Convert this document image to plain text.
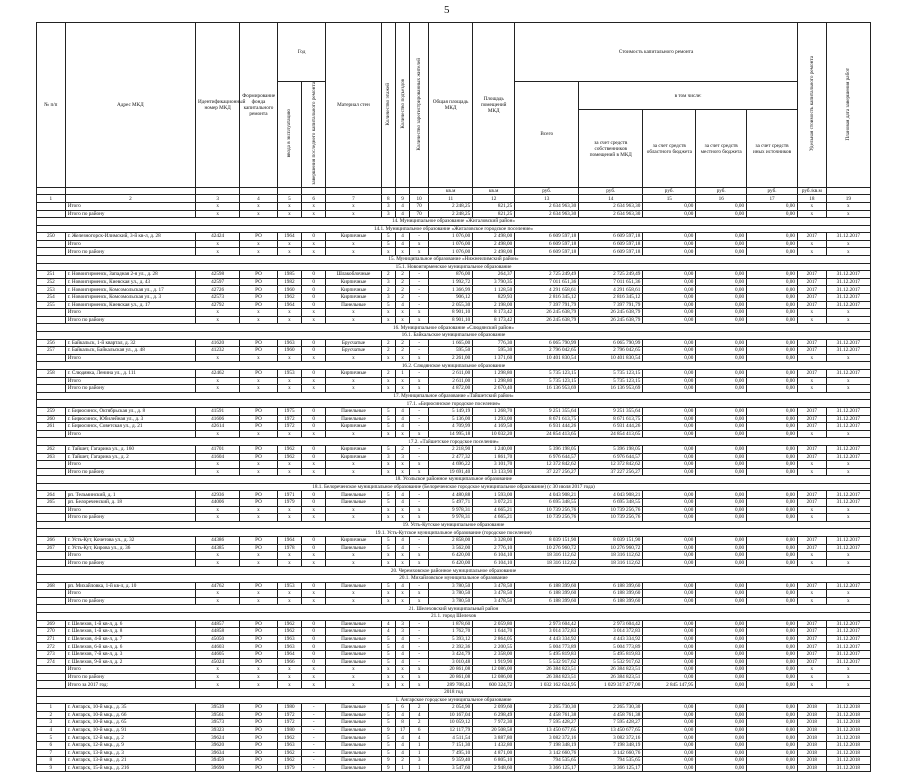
5
№ п/п	Адрес МКД	Идентификационный номер МКД	Формирование фонда капитального ремонта	Год		Материал стен	Количество этажей	Количество подъездов	Количество зарегистрированных жителей	Общая площадь МКД	Площадь помещений МКД	Стоимость капитального ремонта					Удельная стоимость капитального ремонта	Плановая дата завершения работ
				ввода в эксплуатацию	завершения последнего капитального ремонта							Всего	в том числе:					
													за счет средств собственников помещений в МКД	за счет средств областного бюджета	за счет средств местного бюджета	за счет средств иных источников		
										кв.м	кв.м	руб.	руб.	руб.	руб.	руб.	руб./кв.м	
1	2	3	4	5	6	7	8	9	10	11	12	13	14	15	16	17	18	19
	Итого	x	x	x	x	x	3	4	70	2 248,25	821,25	2 634 963,30	2 634 963,30	0,00	0,00	0,00	x	x
	Итого по району	x	x	x	x	x	3	4	70	2 248,25	821,25	2 634 963,30	2 634 963,30	0,00	0,00	0,00	x	x
14. Муниципальное образование «Жигаловский район»																		
14.1. Муниципальное образование «Жигаловское городское поселение»																		
250	г. Железногорск-Илимский, 3-й кв-л, д. 28	42424	РО	1964	0	Кирпичные	5	4	-	1 076,00	2 498,00	6 609 597,18	6 609 597,18	0,00	0,00	0,00	2017	31.12.2017
	Итого	x	x	x	x	x	5	4	x	1 076,00	2 498,00	6 609 597,18	6 609 597,18	0,00	0,00	0,00	x	x
	Итого по району	x	x	x	x	x	x	x	x	1 076,00	2 498,00	6 609 597,18	6 609 597,18	0,00	0,00	0,00	x	x
15. Муниципальное образование «Нижнеилимский район»																		
15.1. Новоигирменское муниципальное образование																		
251	г. Новоигирменск, Западная 2-я ул., д. 28	42598	РО	1985	0	Шлакоблочные	2	2	-	876,00	264,37	2 725 249,49	2 725 249,49	0,00	0,00	0,00	2017	31.12.2017
252	г. Новоигирменск, Киевская ул., д. 43	42597	РО	1982	0	Кирпичные	3	2	-	1 992,72	3 790,35	7 011 651,36	7 011 651,36	0,00	0,00	0,00	2017	31.12.2017
253	г. Новоигирменск, Комсомольская ул., д. 17	42726	РО	1960	0	Кирпичные	2	2	-	1 366,99	1 128,50	4 291 658,61	4 291 658,61	0,00	0,00	0,00	2017	31.12.2017
254	г. Новоигирменск, Комсомольская ул., д. 3	42573	РО	1962	0	Кирпичные	3	2	-	906,12	829,93	2 816 345,12	2 816 345,12	0,00	0,00	0,00	2017	31.12.2017
255	г. Новоигирменск, Киевская ул., д. 17	42792	РО	1964	0	Панельные	5	4	-	2 055,30	2 198,00	7 397 791,79	7 397 791,79	0,00	0,00	0,00	2017	31.12.2017
	Итого	x	x	x	x	x	x	x	x	8 901,10	8 173,42	26 245 638,79	26 245 638,79	0,00	0,00	0,00	x	x
	Итого по району	x	x	x	x	x	x	x	x	8 901,10	8 173,42	26 245 638,79	26 245 638,79	0,00	0,00	0,00	x	x
16. Муниципальное образование «Слюдянский район»																		
16.1. Байкальское муниципальное образование																		
256	г. Байкальск, 1-й квартал, д. 32	41620	РО	1963	0	Брусчатые	2	2	-	1 665,00	776,30	6 065 790,99	6 065 790,99	0,00	0,00	0,00	2017	31.12.2017
257	г. Байкальск, Байкальская ул., д. 48	41232	РО	1960	0	Брусчатые	2	2	-	595,50	595,30	2 796 042,65	2 796 042,65	0,00	0,00	0,00	2017	31.12.2017
	Итого	x	x	x	x	x	x	x	x	2 261,00	1 371,60	10 401 830,54	10 401 830,54	0,00	0,00	0,00	x	x
16.2. Слюдянское муниципальное образование																		
258	г. Слюдянка, Ленина ул., д. 111	42462	РО	1953	0	Кирпичные	2	1	-	2 611,00	1 298,80	5 735 123,15	5 735 123,15	0,00	0,00	0,00	2017	31.12.2017
	Итого	x	x	x	x	x	x	x	x	2 611,00	1 298,80	5 735 123,15	5 735 123,15	0,00	0,00	0,00	x	x
	Итого по району	x	x	x	x	x	x	x	x	4 872,00	2 670,40	16 136 953,69	16 136 953,69	0,00	0,00	0,00	x	x
17. Муниципальное образование «Тайшетский район»																		
17.1. «Бирюсинское городское поселение»																		
259	г. Бирюсинск, Октябрьская ул., д. 8	41591	РО	1975	0	Панельные	5	4	-	5 149,19	1 268,70	9 251 355,64	9 251 355,64	0,00	0,00	0,00	2017	31.12.2017
260	г. Бирюсинск, Юбилейная ул., д. 3	41606	РО	1972	0	Панельные	5	4	-	5 136,00	1 293,00	8 671 613,75	8 671 613,75	0,00	0,00	0,00	2017	31.12.2017
261	г. Бирюсинск, Советская ул., д. 21	42614	РО	1972	0	Кирпичные	5	4	-	4 709,99	4 169,50	6 931 444,26	6 931 444,26	0,00	0,00	0,00	2017	31.12.2017
	Итого	x	x	x	x	x	x	x	x	14 995,18	10 032,20	24 854 413,65	24 854 413,65	0,00	0,00	0,00	x	x
17.2. «Тайшетское городское поселение»																		
262	г. Тайшет, Гагарина ул., д. 160	41701	РО	1962	0	Кирпичные	5	2	-	2 218,90	1 240,00	5 396 198,05	5 396 198,05	0,00	0,00	0,00	2017	31.12.2017
263	г. Тайшет, Гагарина ул., д. 2	41604	РО	1962	0	Кирпичные	3	3	-	2 477,32	1 861,70	6 976 644,57	6 976 644,57	0,00	0,00	0,00	2017	31.12.2017
	Итого	x	x	x	x	x	x	x	x	4 696,22	3 101,70	12 372 842,62	12 372 842,62	0,00	0,00	0,00	x	x
	Итого по району	x	x	x	x	x	x	x	x	19 691,40	13 133,90	37 227 256,27	37 227 256,27	0,00	0,00	0,00	x	x
18. Усольское районное муниципальное образование																		
18.1. Белореченское муниципальное образование (Белореченское городское муниципальное образование) (с 30 июля 2017 года)																		
264	рп. Тельминский, д. 1	42936	РО	1971	0	Панельные	5	4	-	4 480,88	1 593,00	4 043 908,21	4 043 908,21	0,00	0,00	0,00	2017	31.12.2017
265	рп. Белореченский, д. 18	44006	РО	1979	0	Панельные	5	4	-	5 497,71	3 072,21	6 695 348,55	6 695 348,55	0,00	0,00	0,00	2017	31.12.2017
	Итого	x	x	x	x	x	x	x	x	9 978,31	4 665,21	10 739 256,76	10 739 256,76	0,00	0,00	0,00	x	x
	Итого по району	x	x	x	x	x	x	x	x	9 978,31	4 665,21	10 739 256,76	10 739 256,76	0,00	0,00	0,00	x	x
19. Усть-Кутское муниципальное образование																		
19.1. Усть-Кутское муниципальное образование (городское поселение)																		
266	г. Усть-Кут, Кочетова ул., д. 32	44386	РО	1964	0	Кирпичные	5	4	-	2 858,00	3 328,00	8 039 151,90	8 039 151,90	0,00	0,00	0,00	2017	31.12.2017
267	г. Усть-Кут, Кирова ул., д. 36	44385	РО	1978	0	Панельные	5	4	-	3 562,00	2 776,10	10 276 960,72	10 276 960,72	0,00	0,00	0,00	2017	31.12.2017
	Итого	x	x	x	x	x	x	x	x	6 420,00	6 104,10	18 316 112,62	18 316 112,62	0,00	0,00	0,00	x	x
	Итого по району	x	x	x	x	x	x	x	x	6 420,00	6 104,10	18 316 112,62	18 316 112,62	0,00	0,00	0,00	x	x
20. Черемховское районное муниципальное образование																		
20.1. Михайловское муниципальное образование																		
268	рп. Михайловка, 1-й кв-л, д. 10	44762	РО	1953	0	Панельные	5	4	-	3 780,50	3 478,50	6 188 399,60	6 188 399,60	0,00	0,00	0,00	2017	31.12.2017
	Итого	x	x	x	x	x	x	x	x	3 780,50	3 478,50	6 188 399,60	6 188 399,60	0,00	0,00	0,00	x	x
	Итого по району	x	x	x	x	x	x	x	x	3 780,50	3 478,50	6 188 399,60	6 188 399,60	0,00	0,00	0,00	x	x
21. Шелеховский муниципальный район																		
21.1. город Шелехов																		
269	г. Шелехов, 1-й кв-л, д. 6	44857	РО	1962	0	Панельные	4	3	-	1 878,60	2 059,80	2 973 604,42	2 973 604,42	0,00	0,00	0,00	2017	31.12.2017
270	г. Шелехов, 1-й кв-л, д. 8	44858	РО	1962	0	Панельные	4	3	-	1 762,70	1 644,70	3 014 372,83	3 014 372,83	0,00	0,00	0,00	2017	31.12.2017
271	г. Шелехов, 4-й кв-л, д. 7	45050	РО	1963	0	Панельные	5	4	-	5 393,12	2 864,05	4 443 334,92	4 443 334,92	0,00	0,00	0,00	2017	31.12.2017
272	г. Шелехов, 6-й кв-л, д. 6	44603	РО	1963	0	Панельные	5	4	-	2 392,36	2 200,55	5 004 773,89	5 004 773,89	0,00	0,00	0,00	2017	31.12.2017
273	г. Шелехов, 7-й кв-л, д. 3	44605	РО	1964	0	Панельные	5	4	-	3 424,79	2 358,00	5 495 819,83	5 495 819,83	0,00	0,00	0,00	2017	31.12.2017
274	г. Шелехов, 9-й кв-л, д. 2	45024	РО	1966	0	Панельные	5	4	-	3 010,48	1 919,90	5 532 917,62	5 532 917,62	0,00	0,00	0,00	2017	31.12.2017
	Итого	x	x	x	x	x	x	x	x	20 861,08	12 086,00	26 384 823,51	26 384 823,51	0,00	0,00	0,00	x	x
	Итого по району	x	x	x	x	x	x	x	x	20 861,08	12 086,00	26 384 823,51	26 384 823,51	0,00	0,00	0,00	x	x
	Итого за 2017 год:	x	x	x	x	x	x	x	x	289 708,43	600 324,72	1 032 162 624,95	1 029 317 477,00	2 845 147,95	0,00	0,00	x	x
2018 год																		
1. Ангарское городское муниципальное образование																		
1	г. Ангарск, 10-й мкр., д. 35	39539	РО	1980	-	Панельные	5	6	2	2 054,90	2 099,60	2 265 730,30	2 265 730,30	0,00	0,00	0,00	2018	31.12.2018
2	г. Ангарск, 10-й мкр., д. 66	39561	РО	1972	-	Панельные	5	4	4	10 167,04	6 298,49	4 458 761,38	4 458 761,38	0,00	0,00	0,00	2018	31.12.2018
3	г. Ангарск, 10-й мкр., д. 65	39573	РО	1972	-	Панельные	5	8	2	10 059,12	7 972,30	7 595 428,27	7 595 428,27	0,00	0,00	0,00	2018	31.12.2018
4	г. Ангарск, 10-й мкр., д. 91	39323	РО	1980	-	Панельные	9	17	6	12 117,79	20 508,58	13 450 677,65	13 450 677,65	0,00	0,00	0,00	2018	31.12.2018
5	г. Ангарск, 12-й мкр., д. 2	39624	РО	1962	-	Панельные	5	4	4	4 511,54	3 887,80	3 082 372,16	3 082 372,16	0,00	0,00	0,00	2018	31.12.2018
6	г. Ангарск, 12-й мкр., д. 9	39620	РО	1963	-	Панельные	5	4	1	7 151,30	1 432,80	7 198 348,19	7 198 348,19	0,00	0,00	0,00	2018	31.12.2018
7	г. Ангарск, 13-й мкр., д. 3	39634	РО	1962	-	Панельные	5	4	1	7 495,10	4 871,00	3 142 660,76	3 142 660,76	0,00	0,00	0,00	2018	31.12.2018
8	г. Ангарск, 13-й мкр., д. 21	39459	РО	1962	-	Панельные	9	2	3	9 359,40	6 805,10	794 535,65	794 535,65	0,00	0,00	0,00	2018	31.12.2018
9	г. Ангарск, 15-й мкр., д. 216	39690	РО	1979	-	Панельные	9	1	1	3 547,60	2 948,60	3 366 125,17	3 366 125,17	0,00	0,00	0,00	2018	31.12.2018
